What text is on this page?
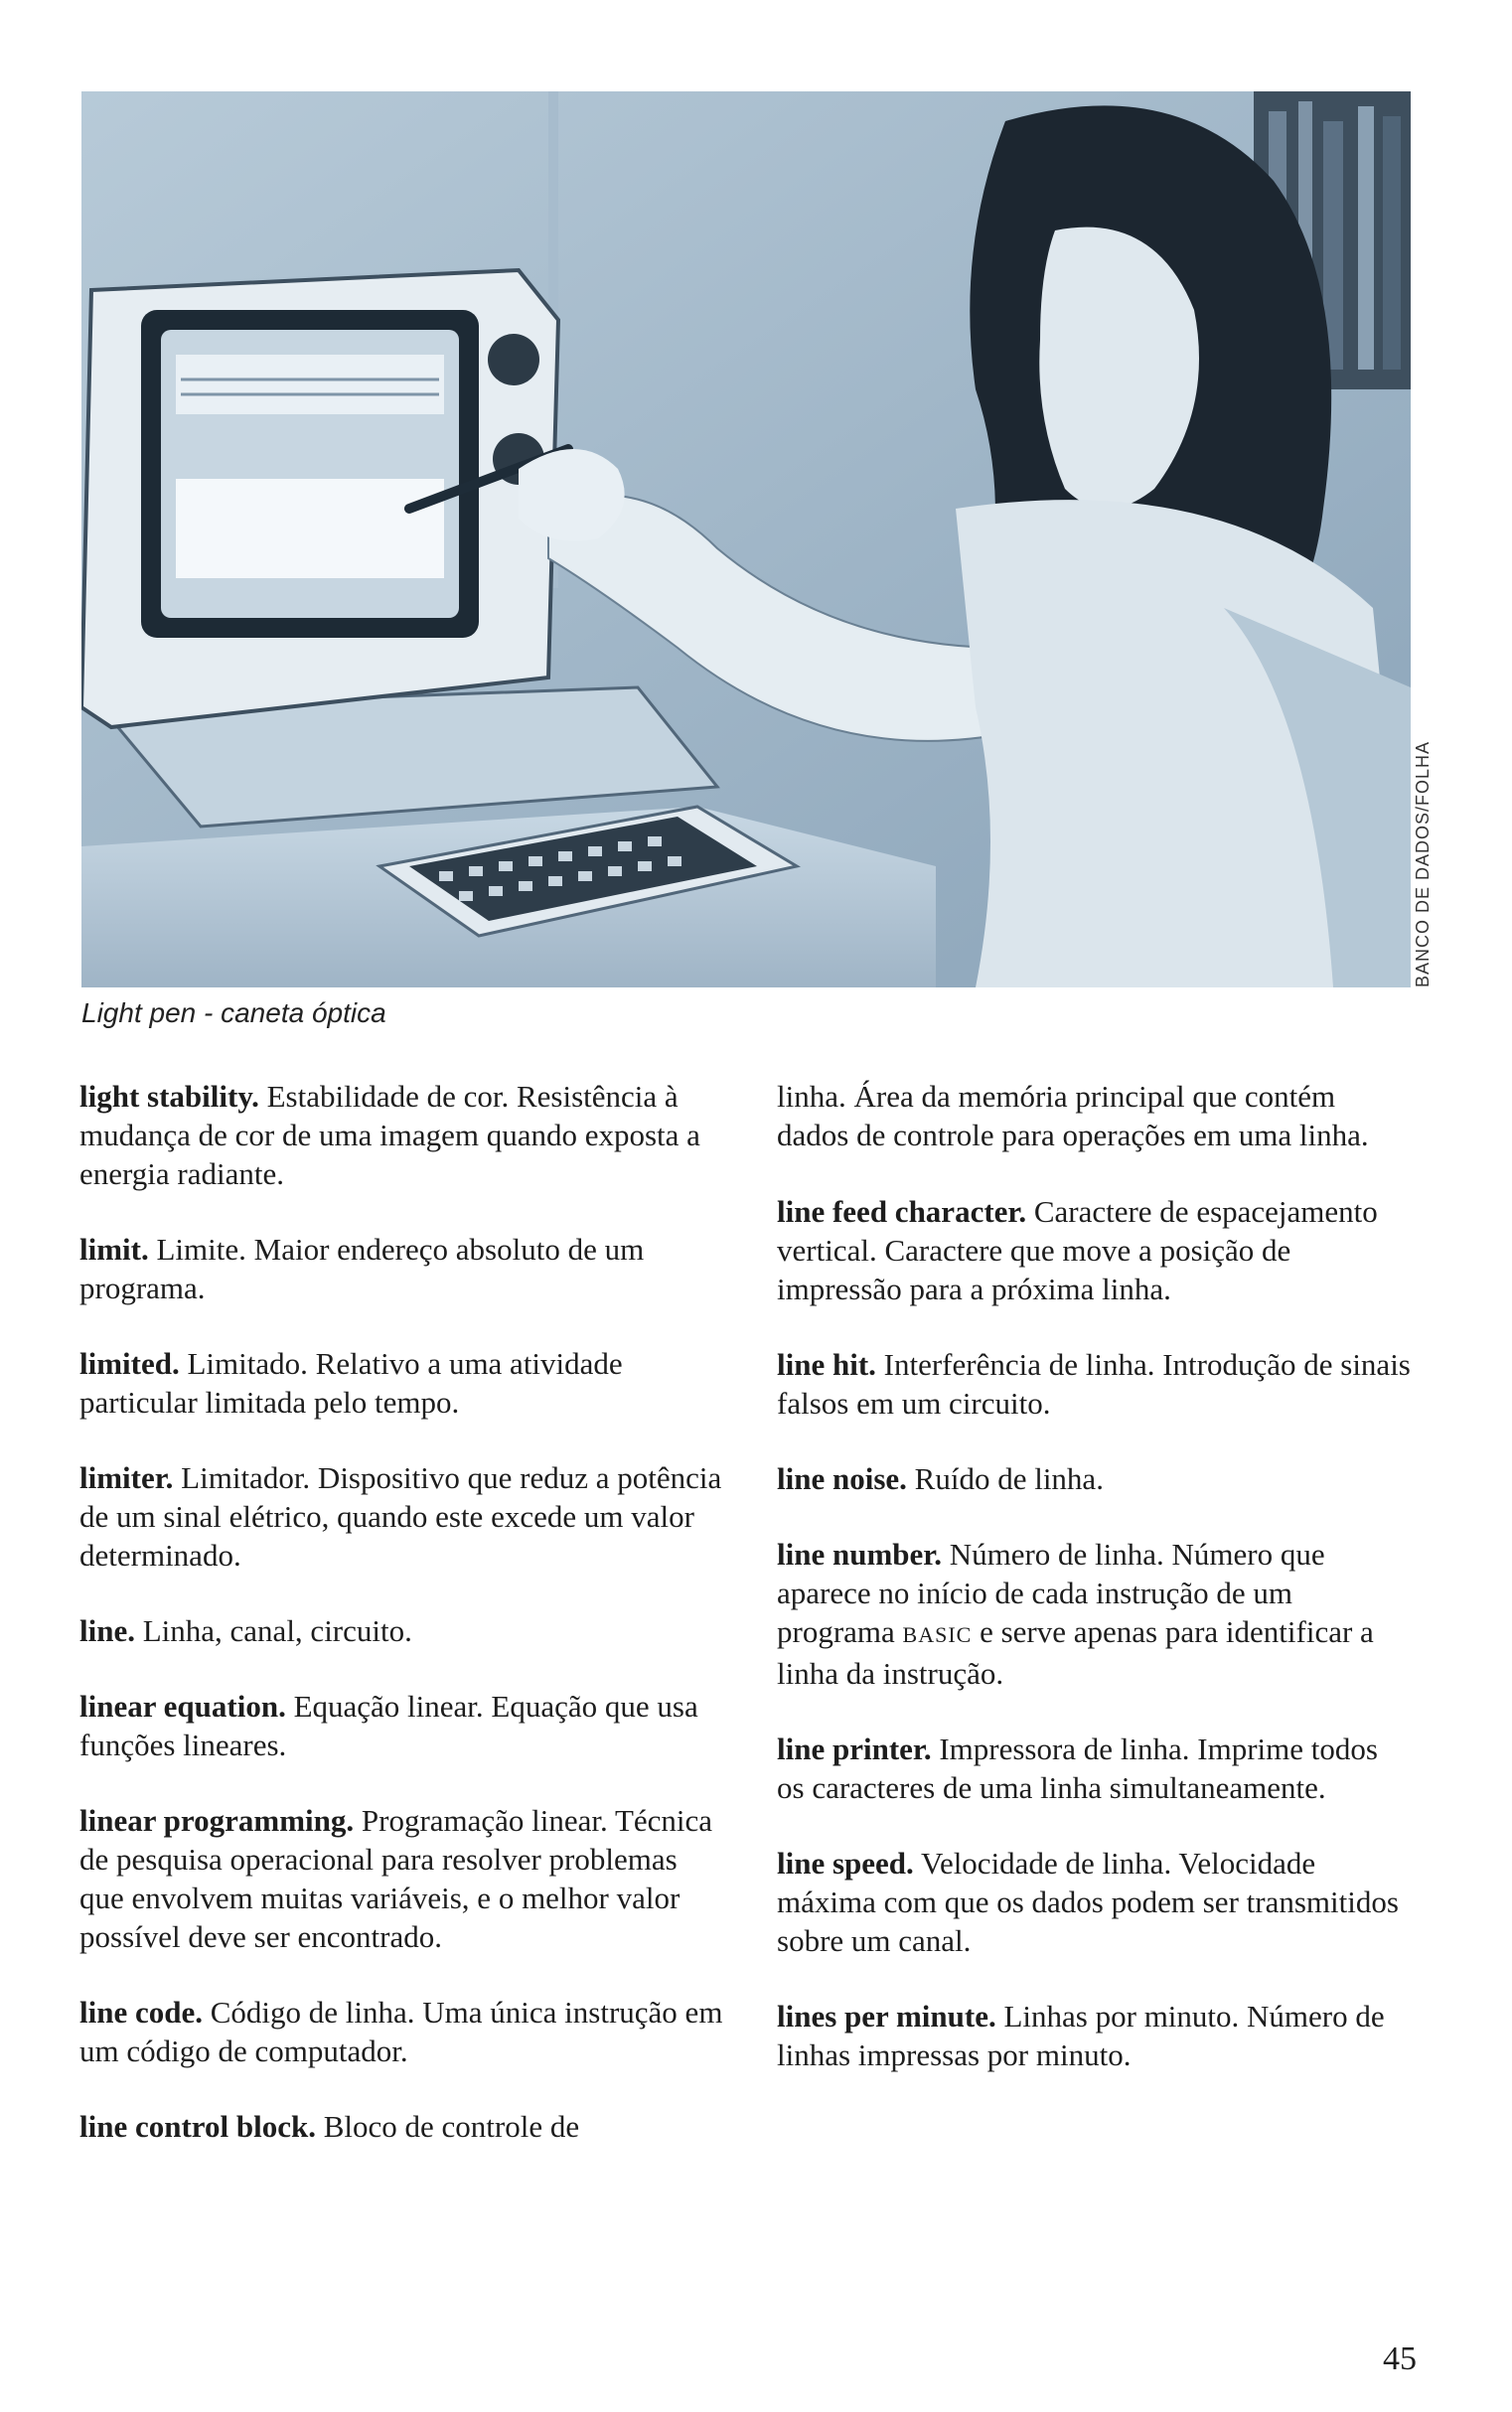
BANCO DE DADOS/FOLHA
Light pen - caneta óptica

light stability. Estabilidade de cor. Resistência à mudança de cor de uma imagem quando exposta a energia radiante.

limit. Limite. Maior endereço absoluto de um programa.

limited. Limitado. Relativo a uma atividade particular limitada pelo tempo.

limiter. Limitador. Dispositivo que reduz a potência de um sinal elétrico, quando este excede um valor determinado.

line. Linha, canal, circuito.

linear equation. Equação linear. Equação que usa funções lineares.

linear programming. Programação linear. Técnica de pesquisa operacional para resolver problemas que envolvem muitas variáveis, e o melhor valor possível deve ser encontrado.

line code. Código de linha. Uma única instrução em um código de computador.

line control block. Bloco de controle de

linha. Área da memória principal que contém dados de controle para operações em uma linha.

line feed character. Caractere de espacejamento vertical. Caractere que move a posição de impressão para a próxima linha.

line hit. Interferência de linha. Introdução de sinais falsos em um circuito.

line noise. Ruído de linha.

line number. Número de linha. Número que aparece no início de cada instrução de um programa BASIC e serve apenas para identificar a linha da instrução.

line printer. Impressora de linha. Imprime todos os caracteres de uma linha simultaneamente.

line speed. Velocidade de linha. Velocidade máxima com que os dados podem ser transmitidos sobre um canal.

lines per minute. Linhas por minuto. Número de linhas impressas por minuto.

45
